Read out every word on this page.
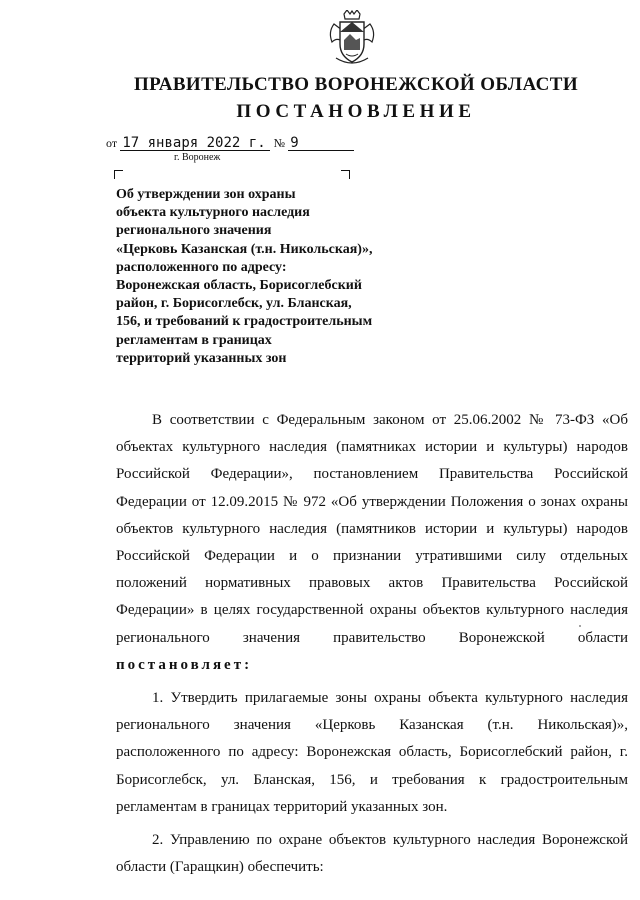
ПРАВИТЕЛЬСТВО ВОРОНЕЖСКОЙ ОБЛАСТИ
ПОСТАНОВЛЕНИЕ
от 17 января 2022 г. № 9
г. Воронеж
Об утверждении зон охраны
объекта культурного наследия
регионального значения
«Церковь Казанская (т.н. Никольская)»,
расположенного по адресу:
Воронежская область, Борисоглебский
район, г. Борисоглебск, ул. Бланская,
156, и требований к градостроительным
регламентам в границах
территорий указанных зон

В соответствии с Федеральным законом от 25.06.2002 № 73-ФЗ «Об объектах культурного наследия (памятниках истории и культуры) народов Российской Федерации», постановлением Правительства Российской Федерации от 12.09.2015 № 972 «Об утверждении Положения о зонах охраны объектов культурного наследия (памятников истории и культуры) народов Российской Федерации и о признании утратившими силу отдельных положений нормативных правовых актов Правительства Российской Федерации» в целях государственной охраны объектов культурного наследия регионального значения правительство Воронежской области постановляет:

1. Утвердить прилагаемые зоны охраны объекта культурного наследия регионального значения «Церковь Казанская (т.н. Никольская)», расположенного по адресу: Воронежская область, Борисоглебский район, г. Борисоглебск, ул. Бланская, 156, и требования к градостроительным регламентам в границах территорий указанных зон.

2. Управлению по охране объектов культурного наследия Воронежской области (Гаращкин) обеспечить:
